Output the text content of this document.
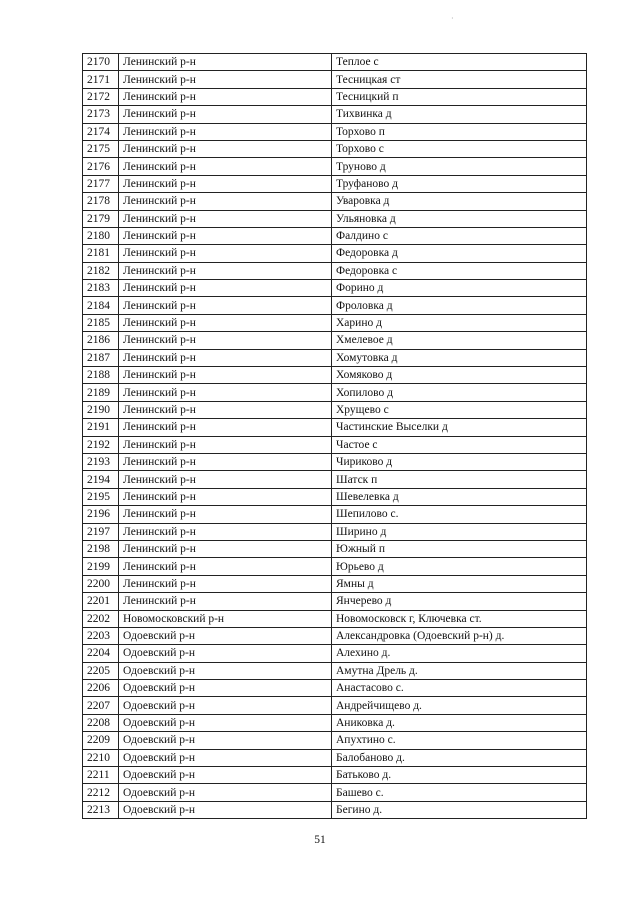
·
2170	Ленинский р-н	Теплое с
2171	Ленинский р-н	Тесницкая ст
2172	Ленинский р-н	Тесницкий п
2173	Ленинский р-н	Тихвинка д
2174	Ленинский р-н	Торхово п
2175	Ленинский р-н	Торхово с
2176	Ленинский р-н	Труново д
2177	Ленинский р-н	Труфаново д
2178	Ленинский р-н	Уваровка д
2179	Ленинский р-н	Ульяновка д
2180	Ленинский р-н	Фалдино с
2181	Ленинский р-н	Федоровка д
2182	Ленинский р-н	Федоровка с
2183	Ленинский р-н	Форино д
2184	Ленинский р-н	Фроловка д
2185	Ленинский р-н	Харино д
2186	Ленинский р-н	Хмелевое д
2187	Ленинский р-н	Хомутовка д
2188	Ленинский р-н	Хомяково д
2189	Ленинский р-н	Хопилово д
2190	Ленинский р-н	Хрущево с
2191	Ленинский р-н	Частинские Выселки д
2192	Ленинский р-н	Частое с
2193	Ленинский р-н	Чириково д
2194	Ленинский р-н	Шатск п
2195	Ленинский р-н	Шевелевка д
2196	Ленинский р-н	Шепилово с.
2197	Ленинский р-н	Ширино д
2198	Ленинский р-н	Южный п
2199	Ленинский р-н	Юрьево д
2200	Ленинский р-н	Ямны д
2201	Ленинский р-н	Янчерево д
2202	Новомосковский р-н	Новомосковск г, Ключевка ст.
2203	Одоевский р-н	Александровка (Одоевский р-н) д.
2204	Одоевский р-н	Алехино д.
2205	Одоевский р-н	Амутна Дрель д.
2206	Одоевский р-н	Анастасово с.
2207	Одоевский р-н	Андрейчищево д.
2208	Одоевский р-н	Аниковка д.
2209	Одоевский р-н	Апухтино с.
2210	Одоевский р-н	Балобаново д.
2211	Одоевский р-н	Батьково д.
2212	Одоевский р-н	Башево с.
2213	Одоевский р-н	Бегино д.
51
